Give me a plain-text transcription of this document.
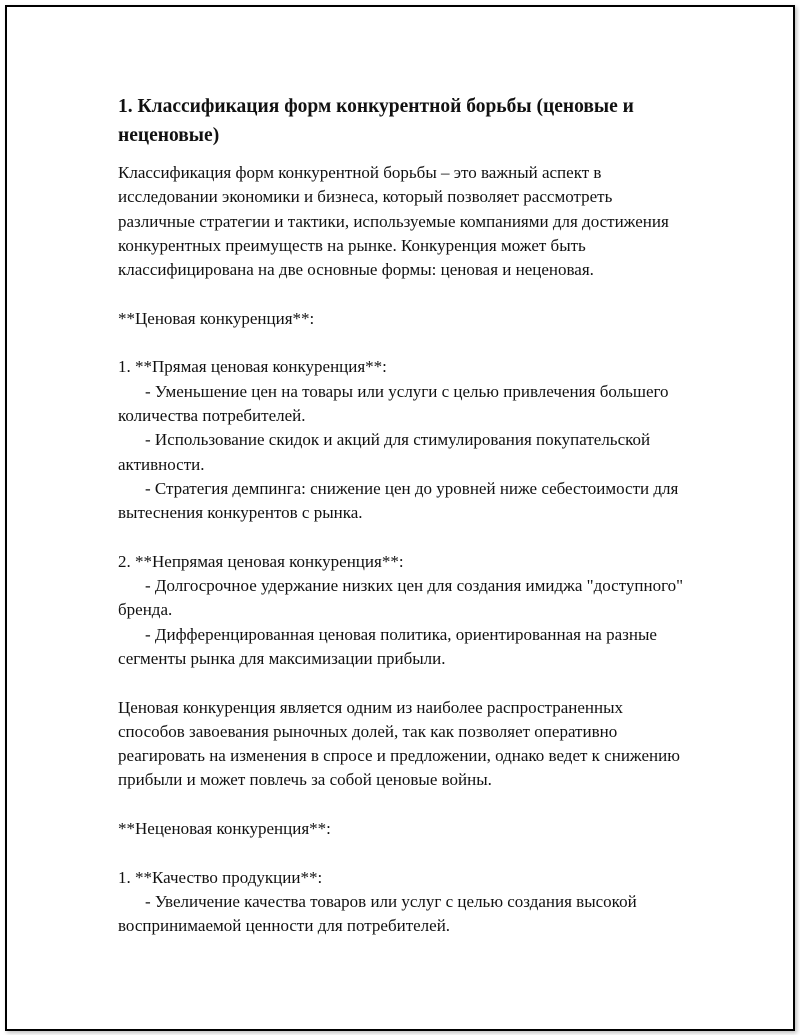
1. Классификация форм конкурентной борьбы (ценовые и неценовые)

Классификация форм конкурентной борьбы – это важный аспект в исследовании экономики и бизнеса, который позволяет рассмотреть различные стратегии и тактики, используемые компаниями для достижения конкурентных преимуществ на рынке. Конкуренция может быть классифицирована на две основные формы: ценовая и неценовая.

**Ценовая конкуренция**:

1. **Прямая ценовая конкуренция**:

- Уменьшение цен на товары или услуги с целью привлечения большего количества потребителей.

- Использование скидок и акций для стимулирования покупательской активности.

- Стратегия демпинга: снижение цен до уровней ниже себестоимости для вытеснения конкурентов с рынка.

2. **Непрямая ценовая конкуренция**:

- Долгосрочное удержание низких цен для создания имиджа "доступного" бренда.

- Дифференцированная ценовая политика, ориентированная на разные сегменты рынка для максимизации прибыли.

Ценовая конкуренция является одним из наиболее распространенных способов завоевания рыночных долей, так как позволяет оперативно реагировать на изменения в спросе и предложении, однако ведет к снижению прибыли и может повлечь за собой ценовые войны.

**Неценовая конкуренция**:

1. **Качество продукции**:

- Увеличение качества товаров или услуг с целью создания высокой воспринимаемой ценности для потребителей.
